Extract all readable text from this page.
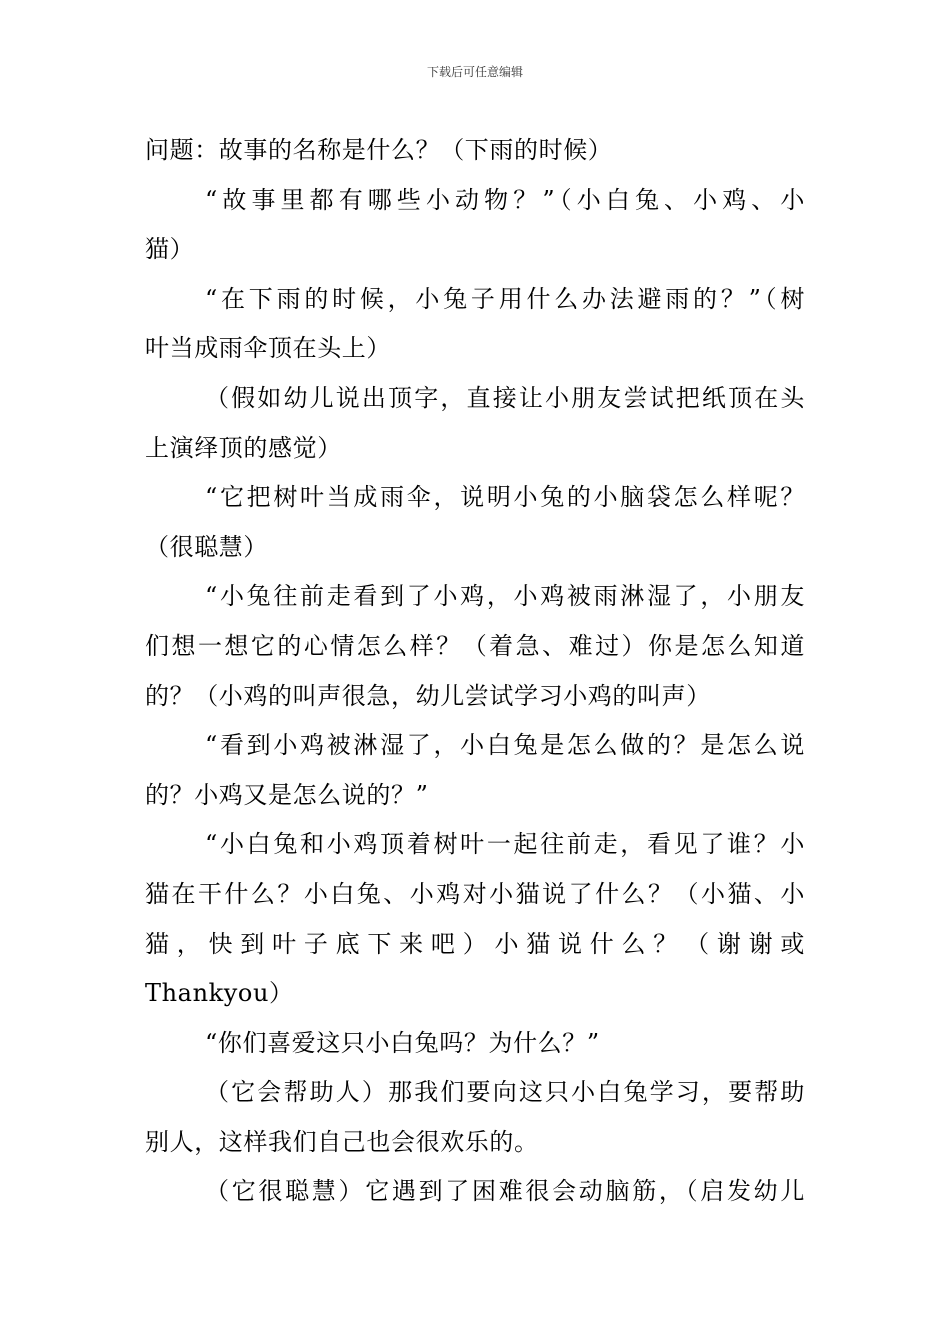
下载后可任意编辑
问题：故事的名称是什么？（下雨的时候）
“故事里都有哪些小动物？”（小白兔、小鸡、小
猫）
“在下雨的时候，小兔子用什么办法避雨的？”（树
叶当成雨伞顶在头上）
（假如幼儿说出顶字，直接让小朋友尝试把纸顶在头
上演绎顶的感觉）
“它把树叶当成雨伞，说明小兔的小脑袋怎么样呢？
（很聪慧）
“小兔往前走看到了小鸡，小鸡被雨淋湿了，小朋友
们想一想它的心情怎么样？（着急、难过）你是怎么知道
的？（小鸡的叫声很急，幼儿尝试学习小鸡的叫声）
“看到小鸡被淋湿了，小白兔是怎么做的？是怎么说
的？小鸡又是怎么说的？”
“小白兔和小鸡顶着树叶一起往前走，看见了谁？小
猫在干什么？小白兔、小鸡对小猫说了什么？（小猫、小
猫，快到叶子底下来吧）小猫说什么？（谢谢或
Thankyou）
“你们喜爱这只小白兔吗？为什么？”
（它会帮助人）那我们要向这只小白兔学习，要帮助
别人，这样我们自己也会很欢乐的。
（它很聪慧）它遇到了困难很会动脑筋，（启发幼儿
